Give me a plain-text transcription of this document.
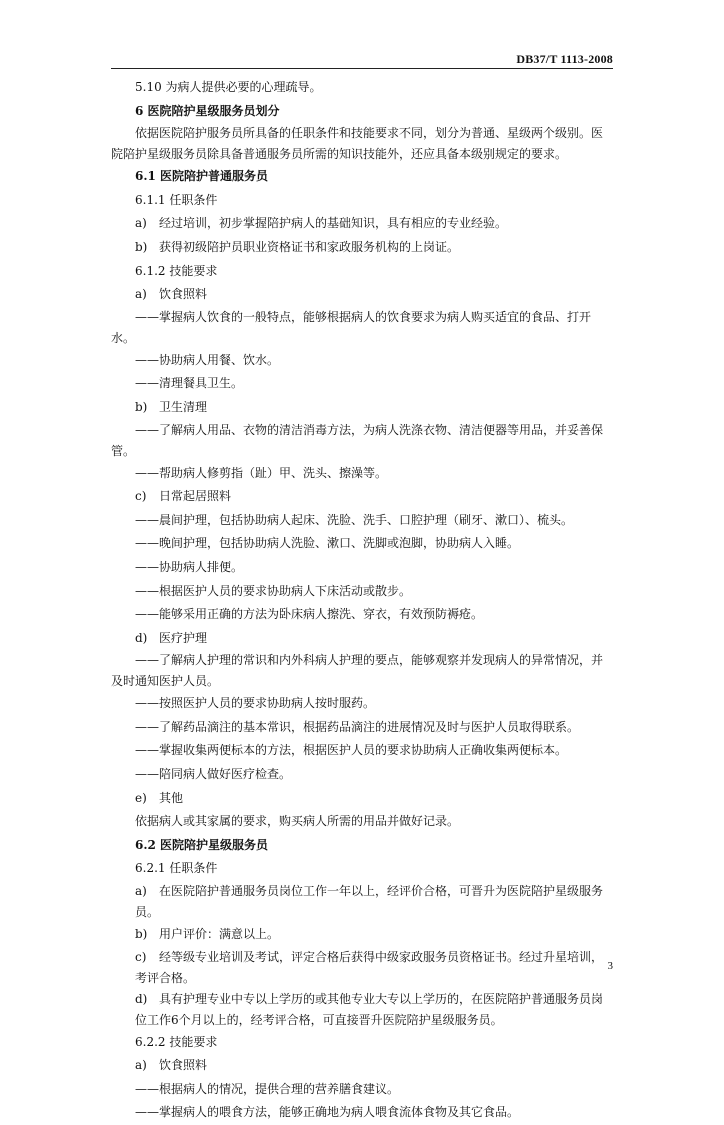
DB37/T 1113-2008
5.10 为病人提供必要的心理疏导。
6 医院陪护星级服务员划分
依据医院陪护服务员所具备的任职条件和技能要求不同，划分为普通、星级两个级别。医院陪护星级服务员除具备普通服务员所需的知识技能外，还应具备本级别规定的要求。
6.1 医院陪护普通服务员
6.1.1 任职条件
a) 经过培训，初步掌握陪护病人的基础知识，具有相应的专业经验。
b) 获得初级陪护员职业资格证书和家政服务机构的上岗证。
6.1.2 技能要求
a) 饮食照料
——掌握病人饮食的一般特点，能够根据病人的饮食要求为病人购买适宜的食品、打开水。
——协助病人用餐、饮水。
——清理餐具卫生。
b) 卫生清理
——了解病人用品、衣物的清洁消毒方法，为病人洗涤衣物、清洁便器等用品，并妥善保管。
——帮助病人修剪指（趾）甲、洗头、擦澡等。
c) 日常起居照料
——晨间护理，包括协助病人起床、洗脸、洗手、口腔护理（刷牙、漱口）、梳头。
——晚间护理，包括协助病人洗脸、漱口、洗脚或泡脚，协助病人入睡。
——协助病人排便。
——根据医护人员的要求协助病人下床活动或散步。
——能够采用正确的方法为卧床病人擦洗、穿衣，有效预防褥疮。
d) 医疗护理
——了解病人护理的常识和内外科病人护理的要点，能够观察并发现病人的异常情况，并及时通知医护人员。
——按照医护人员的要求协助病人按时服药。
——了解药品滴注的基本常识，根据药品滴注的进展情况及时与医护人员取得联系。
——掌握收集两便标本的方法，根据医护人员的要求协助病人正确收集两便标本。
——陪同病人做好医疗检查。
e) 其他
依据病人或其家属的要求，购买病人所需的用品并做好记录。
6.2 医院陪护星级服务员
6.2.1 任职条件
a) 在医院陪护普通服务员岗位工作一年以上，经评价合格，可晋升为医院陪护星级服务员。
b) 用户评价：满意以上。
c) 经等级专业培训及考试，评定合格后获得中级家政服务员资格证书。经过升星培训，考评合格。
d) 具有护理专业中专以上学历的或其他专业大专以上学历的，在医院陪护普通服务员岗位工作6个月以上的，经考评合格，可直接晋升医院陪护星级服务员。
6.2.2 技能要求
a) 饮食照料
——根据病人的情况，提供合理的营养膳食建议。
——掌握病人的喂食方法，能够正确地为病人喂食流体食物及其它食品。
3
